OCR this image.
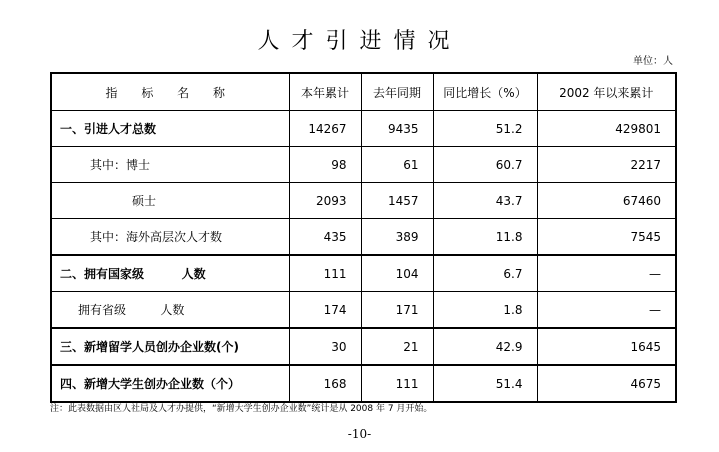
人才引进情况
单位：人
指 标 名 称	本年累计	去年同期	同比增长（%）	2002 年以来累计
一、引进人才总数	14267	9435	51.2	429801
其中：博士	98	61	60.7	2217
硕士	2093	1457	43.7	67460
其中：海外高层次人才数	435	389	11.8	7545
二、拥有国家级         人数	111	104	6.7	—
拥有省级         人数	174	171	1.8	—
三、新增留学人员创办企业数(个)	30	21	42.9	1645
四、新增大学生创办企业数（个）	168	111	51.4	4675
注：此表数据由区人社局及人才办提供，“新增大学生创办企业数”统计是从 2008 年 7 月开始。
-10-
